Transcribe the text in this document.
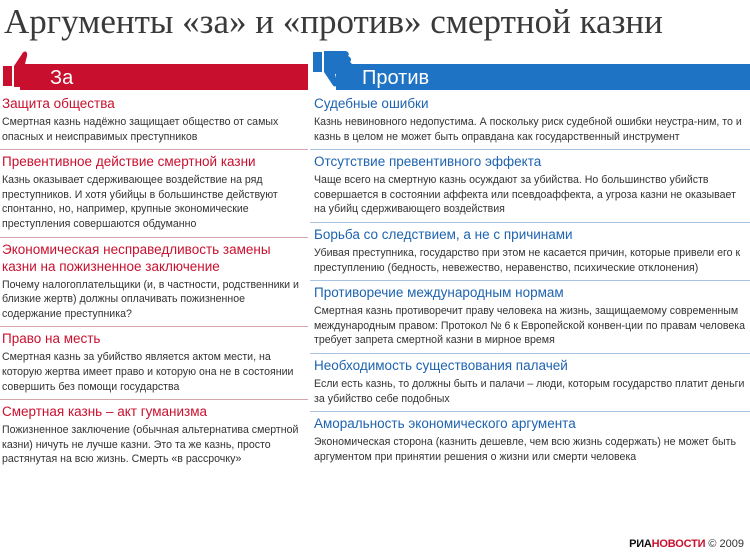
Аргументы «за» и «против» смертной казни
За
Защита общества
Смертная казнь надёжно защищает общество от самых опасных и неисправимых преступников
Превентивное действие смертной казни
Казнь оказывает сдерживающее воздействие на ряд преступников. И хотя убийцы в большинстве действуют спонтанно, но, например, крупные экономические преступления совершаются обдуманно
Экономическая несправедливость замены казни на пожизненное заключение
Почему налогоплательщики (и, в частности, родственники и близкие жертв) должны оплачивать пожизненное содержание преступника?
Право на месть
Смертная казнь за убийство является актом мести, на которую жертва имеет право и которую она не в состоянии совершить без помощи государства
Смертная казнь – акт гуманизма
Пожизненное заключение (обычная альтернатива смертной казни) ничуть не лучше казни. Это та же казнь, просто растянутая на всю жизнь. Смерть «в рассрочку»
Против
Судебные ошибки
Казнь невиновного недопустима. А поскольку риск судебной ошибки неустра-ним, то и казнь в целом не может быть оправдана как государственный инструмент
Отсутствие превентивного эффекта
Чаще всего на смертную казнь осуждают за убийства. Но большинство убийств совершается в состоянии аффекта или псевдоаффекта, а угроза казни не оказывает на убийц сдерживающего воздействия
Борьба со следствием, а не с причинами
Убивая преступника, государство при этом не касается причин, которые привели его к преступлению (бедность, невежество, неравенство, психические отклонения)
Противоречие международным нормам
Смертная казнь противоречит праву человека на жизнь, защищаемому современным международным правом: Протокол № 6 к Европейской конвен-ции по правам человека требует запрета смертной казни в мирное время
Необходимость существования палачей
Если есть казнь, то должны быть и палачи – люди, которым государство платит деньги за убийство себе подобных
Аморальность экономического аргумента
Экономическая сторона (казнить дешевле, чем всю жизнь содержать) не может быть аргументом при принятии решения о жизни или смерти человека
РИАНОВОСТИ © 2009
